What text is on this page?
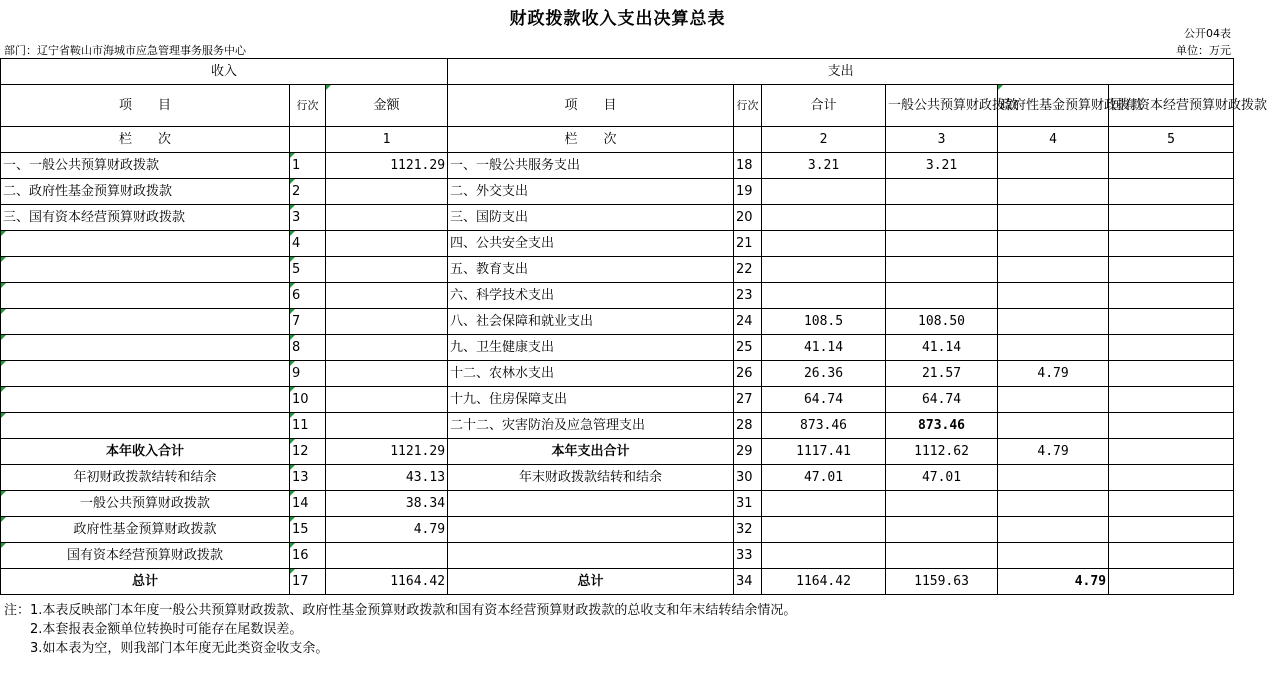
财政拨款收入支出决算总表
公开04表
部门：辽宁省鞍山市海城市应急管理事务服务中心	单位：万元
收入			支出					
项　　目	行次	金额	项　　目	行次	合计	一般公共预算财政拨款	政府性基金预算财政拨款	国有资本经营预算财政拨款
栏　　次		1	栏　　次		2	3	4	5
一、一般公共预算财政拨款	1	1121.29	一、一般公共服务支出	18	3.21	3.21		
二、政府性基金预算财政拨款	2		二、外交支出	19				
三、国有资本经营预算财政拨款	3		三、国防支出	20				
	4		四、公共安全支出	21				
	5		五、教育支出	22				
	6		六、科学技术支出	23				
	7		八、社会保障和就业支出	24	108.5	108.50		
	8		九、卫生健康支出	25	41.14	41.14		
	9		十二、农林水支出	26	26.36	21.57	4.79	
	10		十九、住房保障支出	27	64.74	64.74		
	11		二十二、灾害防治及应急管理支出	28	873.46	873.46		
本年收入合计	12	1121.29	本年支出合计	29	1117.41	1112.62	4.79	
年初财政拨款结转和结余	13	43.13	年末财政拨款结转和结余	30	47.01	47.01		
一般公共预算财政拨款	14	38.34		31				
政府性基金预算财政拨款	15	4.79		32				
国有资本经营预算财政拨款	16			33				
总计	17	1164.42	总计	34	1164.42	1159.63	4.79	
注：1.本表反映部门本年度一般公共预算财政拨款、政府性基金预算财政拨款和国有资本经营预算财政拨款的总收支和年末结转结余情况。
2.本套报表金额单位转换时可能存在尾数误差。
3.如本表为空，则我部门本年度无此类资金收支余。
